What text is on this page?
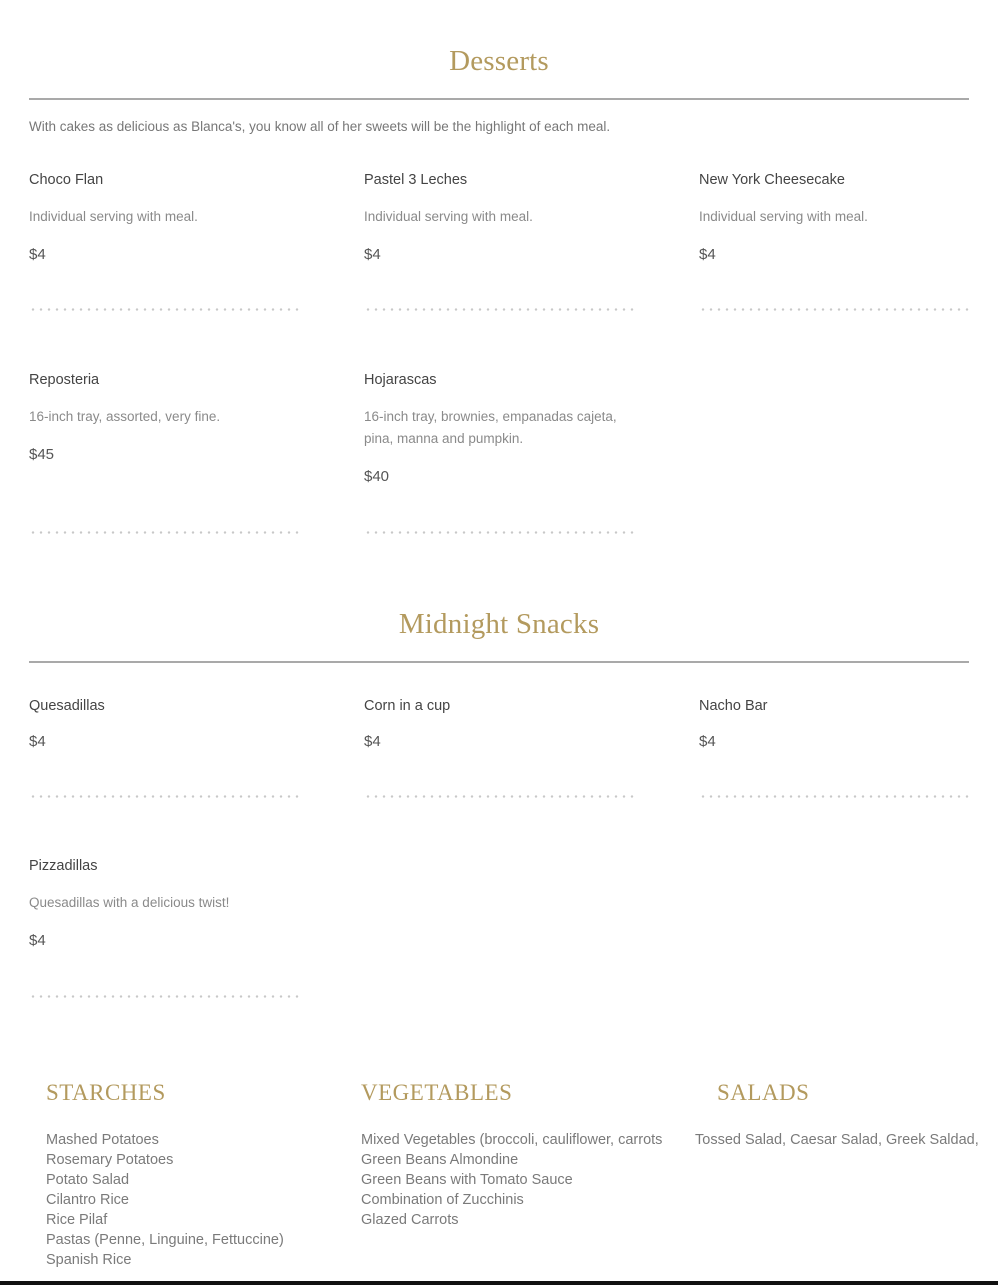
Desserts
With cakes as delicious as Blanca's, you know all of her sweets will be the highlight of each meal.
Choco Flan
Individual serving with meal.
$4
Pastel 3 Leches
Individual serving with meal.
$4
New York Cheesecake
Individual serving with meal.
$4
Reposteria
16-inch tray, assorted, very fine.
$45
Hojarascas
16-inch tray, brownies, empanadas cajeta, pina, manna and pumpkin.
$40
Midnight Snacks
Quesadillas
$4
Corn in a cup
$4
Nacho Bar
$4
Pizzadillas
Quesadillas with a delicious twist!
$4
STARCHES
Mashed Potatoes
Rosemary Potatoes
Potato Salad
Cilantro Rice
Rice Pilaf
Pastas (Penne, Linguine, Fettuccine)
Spanish Rice
VEGETABLES
Mixed Vegetables (broccoli, cauliflower, carrots
Green Beans Almondine
Green Beans with Tomato Sauce
Combination of Zucchinis
Glazed Carrots
SALADS
Tossed Salad, Caesar Salad, Greek Saldad,
